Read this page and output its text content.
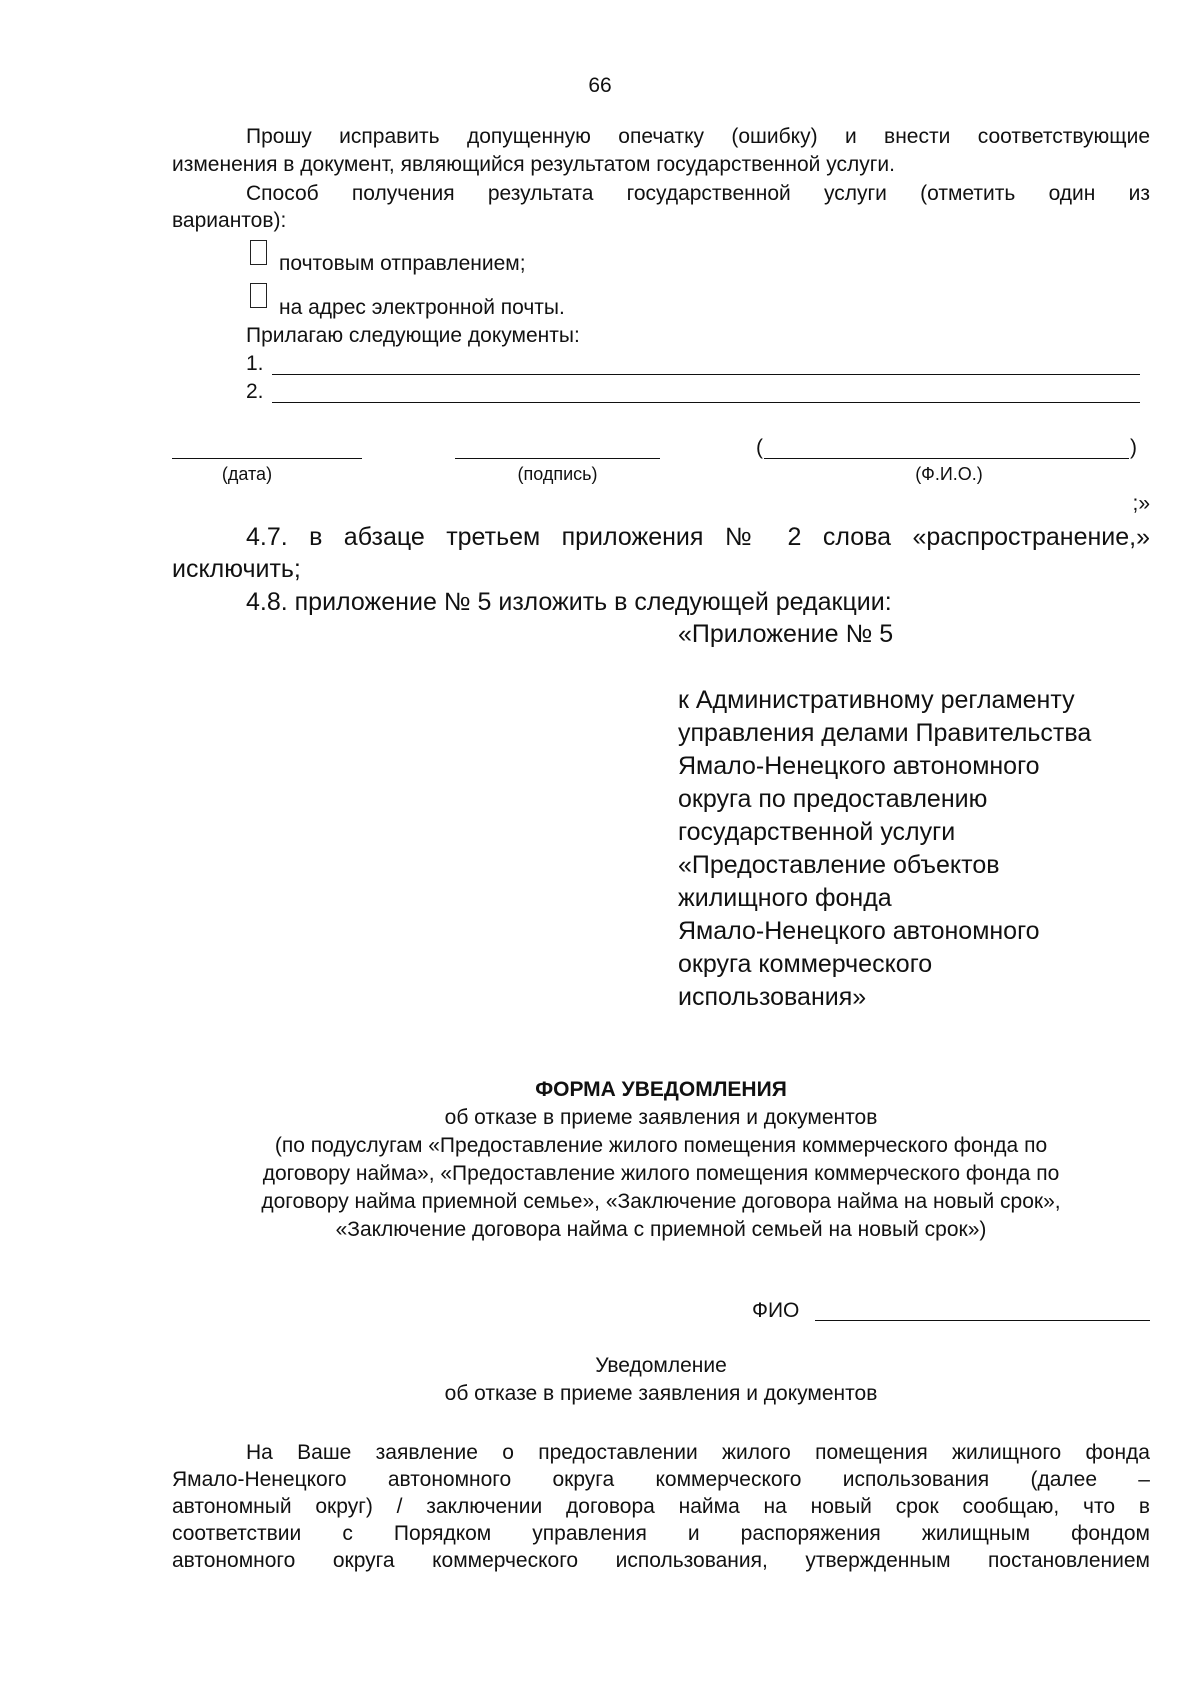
66
Прошу исправить допущенную опечатку (ошибку) и внести соответствующие
изменения в документ, являющийся результатом государственной услуги.
Способ получения результата государственной услуги (отметить один из
вариантов):
почтовым отправлением;
на адрес электронной почты.
Прилагаю следующие документы:
1.
2.
(дата)	(подпись)
(	)
(Ф.И.О.)
;»
4.7. в абзаце третьем приложения № 2 слова «распространение,»
исключить;
4.8. приложение № 5 изложить в следующей редакции:
«Приложение № 5
к Административному регламенту
управления делами Правительства
Ямало-Ненецкого автономного
округа по предоставлению
государственной услуги
«Предоставление объектов
жилищного фонда
Ямало-Ненецкого автономного
округа коммерческого
использования»
ФОРМА УВЕДОМЛЕНИЯ
об отказе в приеме заявления и документов
(по подуслугам «Предоставление жилого помещения коммерческого фонда по
договору найма», «Предоставление жилого помещения коммерческого фонда по
договору найма приемной семье», «Заключение договора найма на новый срок»,
«Заключение договора найма с приемной семьей на новый срок»)
ФИО
Уведомление
об отказе в приеме заявления и документов
На Ваше заявление о предоставлении жилого помещения жилищного фонда
Ямало-Ненецкого автономного округа коммерческого использования (далее –
автономный округ) / заключении договора найма на новый срок сообщаю, что в
соответствии с Порядком управления и распоряжения жилищным фондом
автономного округа коммерческого использования, утвержденным постановлением
